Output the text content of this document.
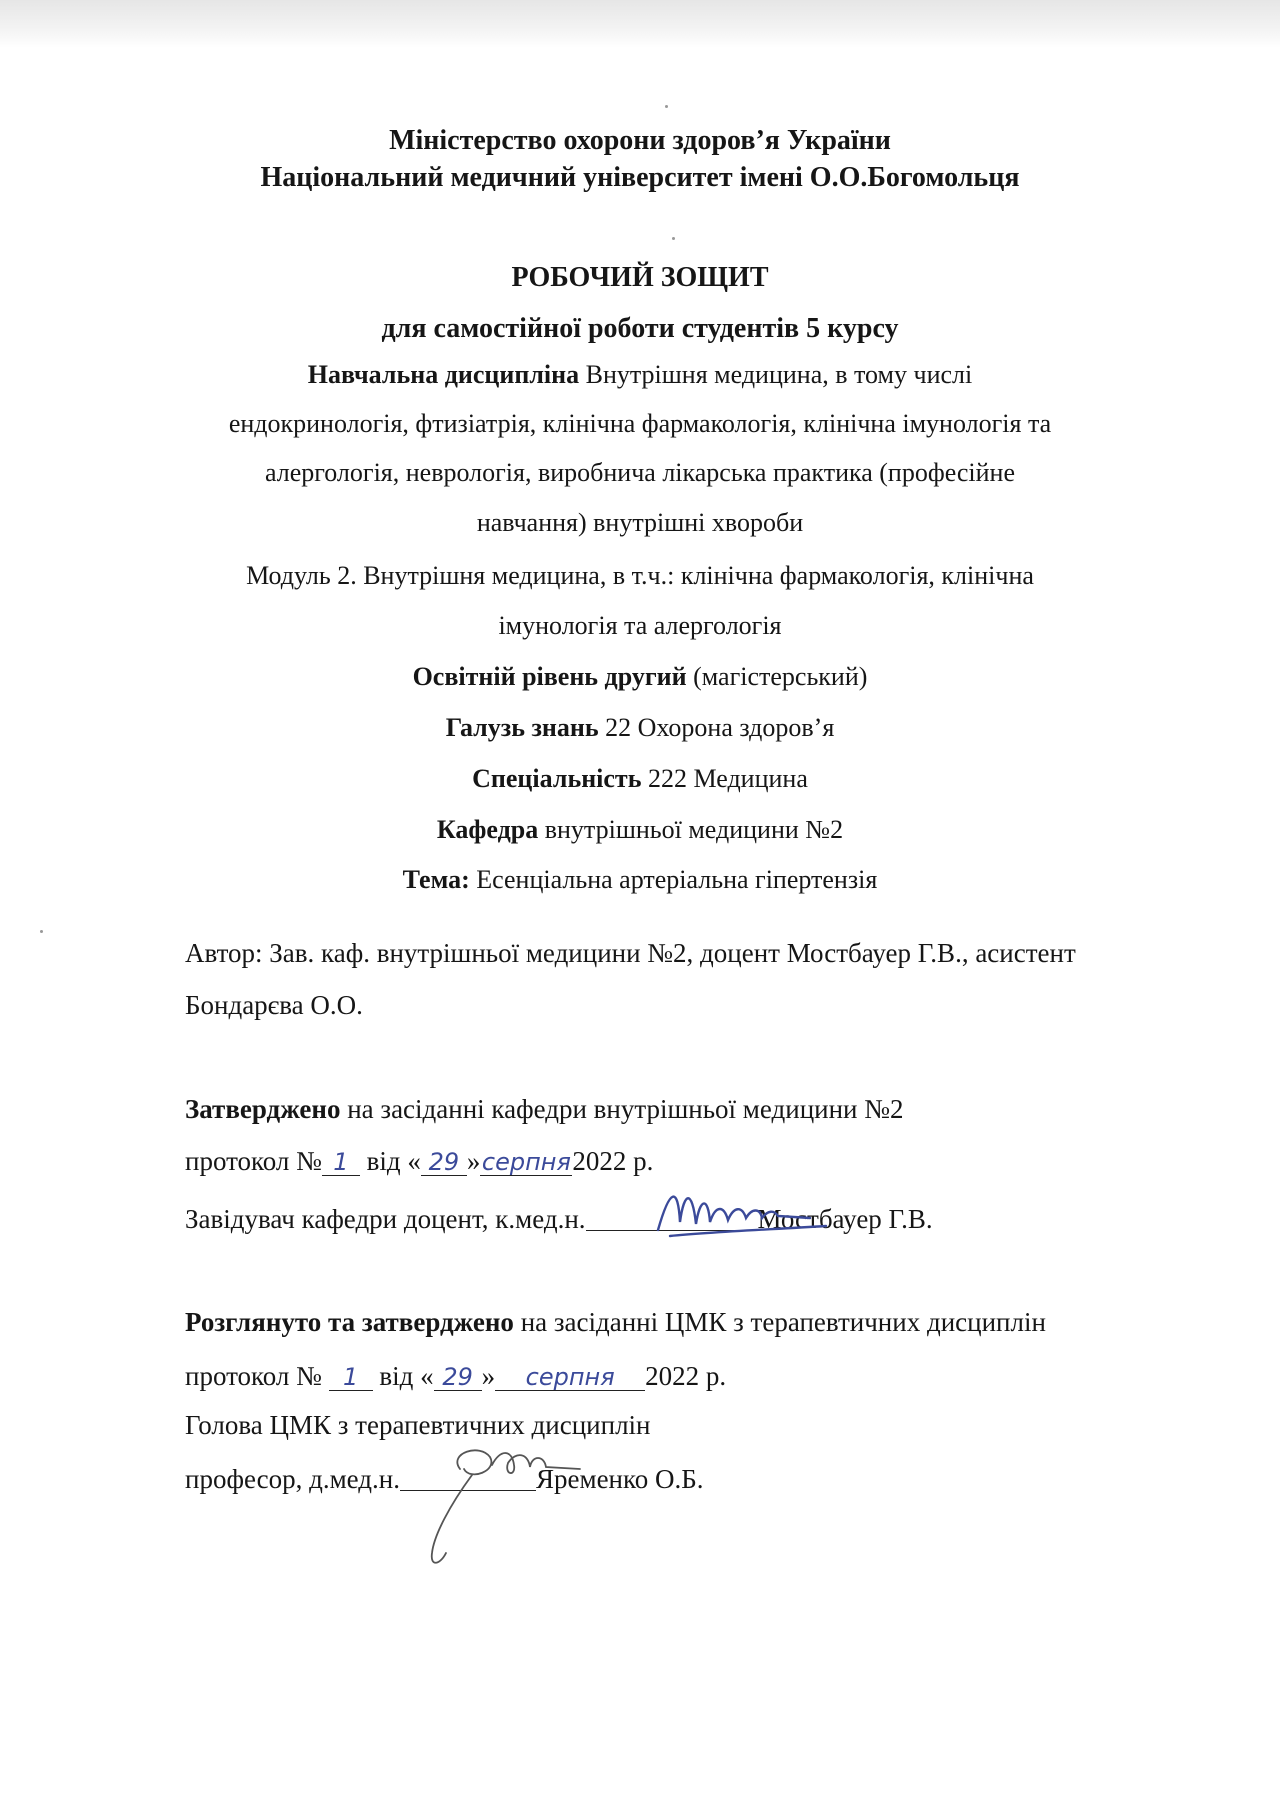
Міністерство охорони здоров’я України
Національний медичний університет імені О.О.Богомольця
РОБОЧИЙ ЗОЩИТ
для самостійної роботи студентів 5 курсу
Навчальна дисципліна Внутрішня медицина, в тому числі
ендокринологія, фтизіатрія, клінічна фармакологія, клінічна імунологія та
алергологія, неврологія, виробнича лікарська практика (професійне
навчання) внутрішні хвороби
Модуль 2. Внутрішня медицина, в т.ч.: клінічна фармакологія, клінічна
імунологія та алергологія
Освітній рівень другий (магістерський)
Галузь знань 22 Охорона здоров’я
Спеціальність 222 Медицина
Кафедра внутрішньої медицини №2
Тема: Есенціальна артеріальна гіпертензія
Автор: Зав. каф. внутрішньої медицини №2, доцент Мостбауер Г.В., асистент
Бондарєва О.О.
Затверджено на засіданні кафедри внутрішньої медицини №2
протокол № 1 від « 29 »серпня2022 р.
Завідувач кафедри доцент, к.мед.н.	Мостбауер Г.В.
Розглянуто та затверджено на засіданні ЦМК з терапевтичних дисциплін
протокол № 1 від « 29 » серпня 2022 р.
Голова ЦМК з терапевтичних дисциплін
професор, д.мед.н.	Яременко О.Б.
